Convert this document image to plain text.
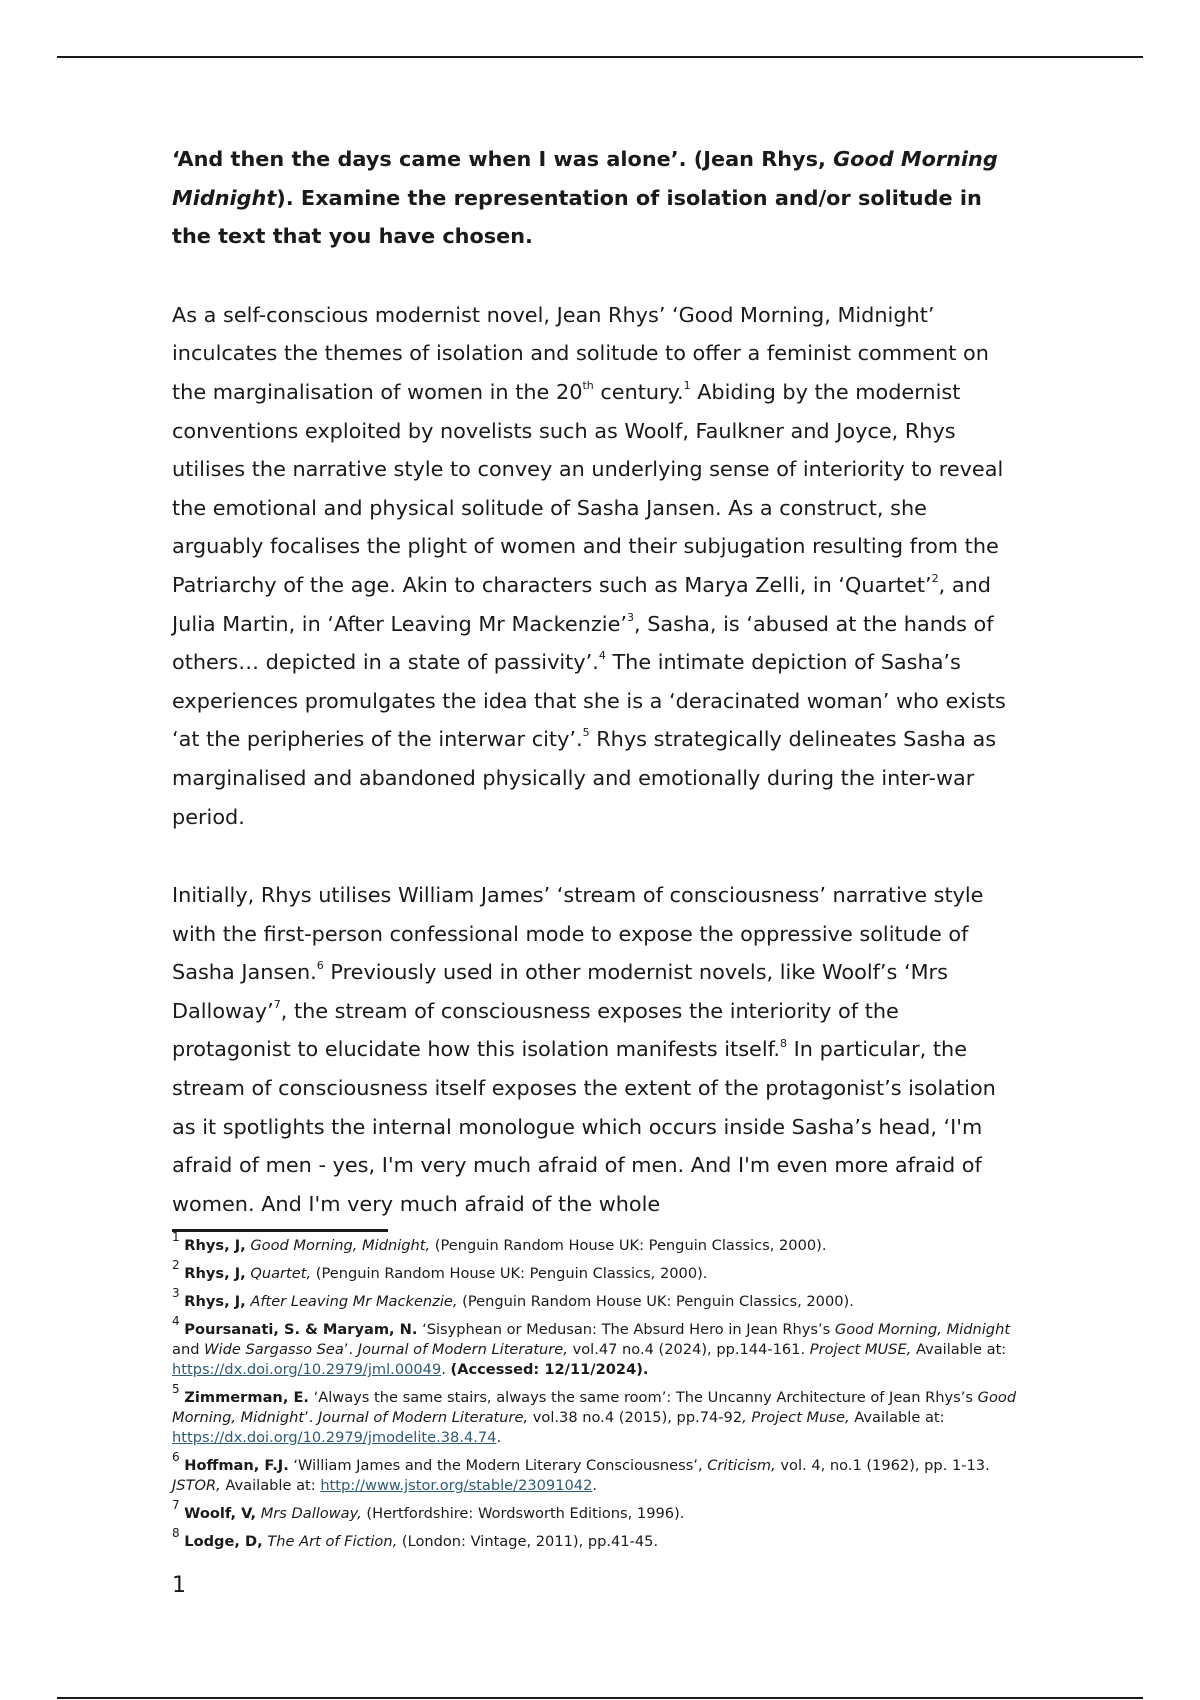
‘And then the days came when I was alone’. (Jean Rhys, Good Morning Midnight). Examine the representation of isolation and/or solitude in the text that you have chosen.

As a self-conscious modernist novel, Jean Rhys’ ‘Good Morning, Midnight’ inculcates the themes of isolation and solitude to offer a feminist comment on the marginalisation of women in the 20th century.$^1$ Abiding by the modernist conventions exploited by novelists such as Woolf, Faulkner and Joyce, Rhys utilises the narrative style to convey an underlying sense of interiority to reveal the emotional and physical solitude of Sasha Jansen. As a construct, she arguably focalises the plight of women and their subjugation resulting from the Patriarchy of the age. Akin to characters such as Marya Zelli, in ‘Quartet’$^2$, and Julia Martin, in ‘After Leaving Mr Mackenzie’$^3$, Sasha, is ‘abused at the hands of others… depicted in a state of passivity’.$^4$ The intimate depiction of Sasha’s experiences promulgates the idea that she is a ‘deracinated woman’ who exists ‘at the peripheries of the interwar city’.$^5$ Rhys strategically delineates Sasha as marginalised and abandoned physically and emotionally during the inter-war period.

Initially, Rhys utilises William James’ ‘stream of consciousness’ narrative style with the first-person confessional mode to expose the oppressive solitude of Sasha Jansen.$^6$ Previously used in other modernist novels, like Woolf’s ‘Mrs Dalloway’$^7$, the stream of consciousness exposes the interiority of the protagonist to elucidate how this isolation manifests itself.$^8$ In particular, the stream of consciousness itself exposes the extent of the protagonist’s isolation as it spotlights the internal monologue which occurs inside Sasha’s head, ‘I'm afraid of men - yes, I'm very much afraid of men. And I'm even more afraid of women. And I'm very much afraid of the whole

$^1$ Rhys, J, Good Morning, Midnight, (Penguin Random House UK: Penguin Classics, 2000).

$^2$ Rhys, J, Quartet, (Penguin Random House UK: Penguin Classics, 2000).

$^3$ Rhys, J, After Leaving Mr Mackenzie, (Penguin Random House UK: Penguin Classics, 2000).

$^4$ Poursanati, S. & Maryam, N. ‘Sisyphean or Medusan: The Absurd Hero in Jean Rhys’s Good Morning, Midnight and Wide Sargasso Sea’. Journal of Modern Literature, vol.47 no.4 (2024), pp.144-161. Project MUSE, Available at: https://dx.doi.org/10.2979/jml.00049. (Accessed: 12/11/2024).

$^5$ Zimmerman, E. ‘Always the same stairs, always the same room’: The Uncanny Architecture of Jean Rhys’s Good Morning, Midnight’. Journal of Modern Literature, vol.38 no.4 (2015), pp.74-92, Project Muse, Available at: https://dx.doi.org/10.2979/jmodelite.38.4.74.

$^6$ Hoffman, F.J. ‘William James and the Modern Literary Consciousness’, Criticism, vol. 4, no.1 (1962), pp. 1-13. JSTOR, Available at: http://www.jstor.org/stable/23091042.

$^7$ Woolf, V, Mrs Dalloway, (Hertfordshire: Wordsworth Editions, 1996).

$^8$ Lodge, D, The Art of Fiction, (London: Vintage, 2011), pp.41-45.

1
